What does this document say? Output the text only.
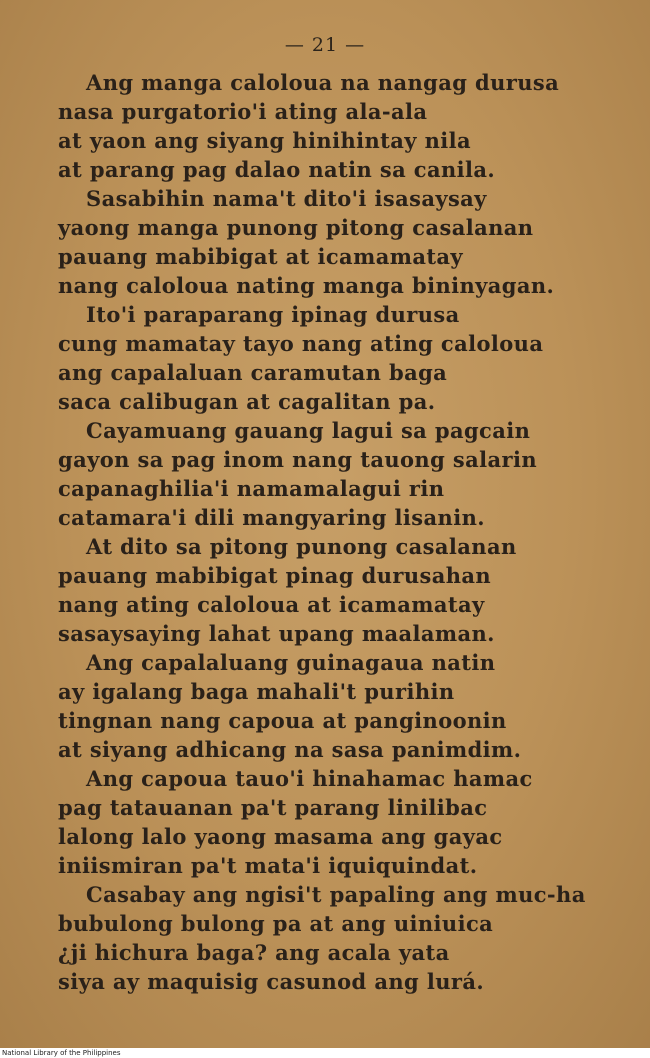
— 21 —
Ang manga caloloua na nangag durusa
nasa purgatorio'i ating ala-ala
at yaon ang siyang hinihintay nila
at parang pag dalao natin sa canila.
Sasabihin nama't dito'i isasaysay
yaong manga punong pitong casalanan
pauang mabibigat at icamamatay
nang caloloua nating manga bininyagan.
Ito'i paraparang ipinag durusa
cung mamatay tayo nang ating caloloua
ang capalaluan caramutan baga
saca calibugan at cagalitan pa.
Cayamuang gauang lagui sa pagcain
gayon sa pag inom nang tauong salarin
capanaghilia'i namamalagui rin
catamara'i dili mangyaring lisanin.
At dito sa pitong punong casalanan
pauang mabibigat pinag durusahan
nang ating caloloua at icamamatay
sasaysaying lahat upang maalaman.
Ang capalaluang guinagaua natin
ay igalang baga mahali't purihin
tingnan nang capoua at panginoonin
at siyang adhicang na sasa panimdim.
Ang capoua tauo'i hinahamac hamac
pag tatauanan pa't parang linilibac
lalong lalo yaong masama ang gayac
iniismiran pa't mata'i iquiquindat.
Casabay ang ngisi't papaling ang muc-ha
bubulong bulong pa at ang uiniuica
¿ji hichura baga? ang acala yata
siya ay maquisig casunod ang lurá.
National Library of the Philippines
